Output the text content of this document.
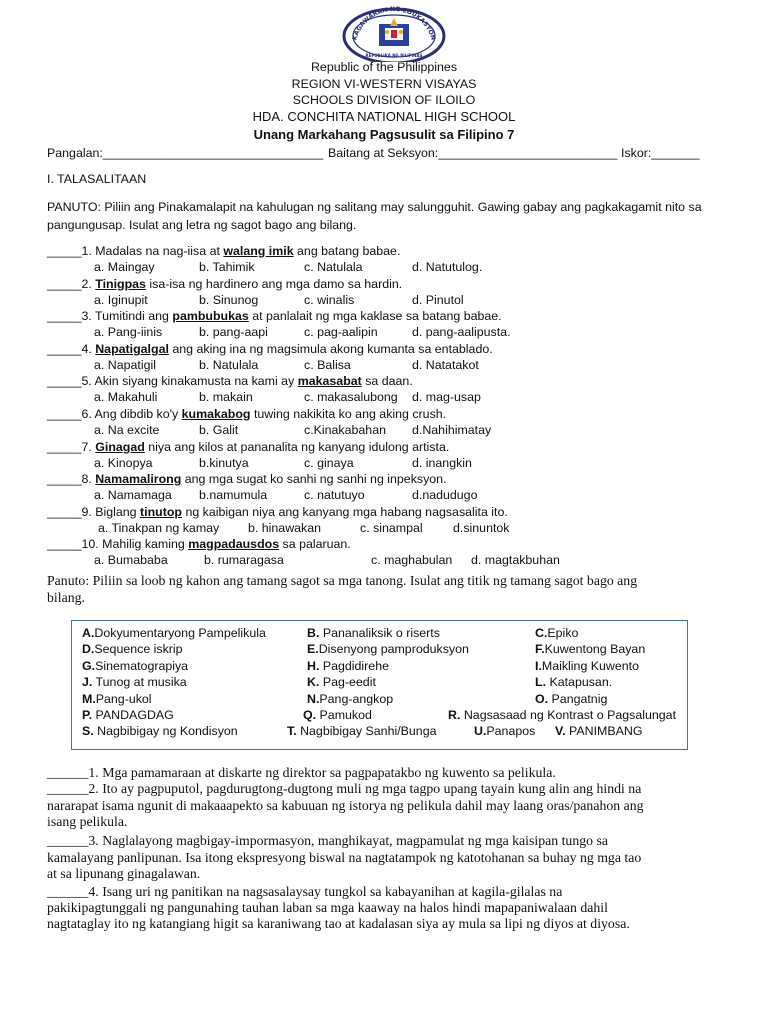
KAGAWARAN NG EDUKASYON
REPUBLIKA NG PILIPINAS
Republic of the Philippines
REGION VI-WESTERN VISAYAS
SCHOOLS DIVISION OF ILOILO
HDA. CONCHITA NATIONAL HIGH SCHOOL
Unang Markahang Pagsusulit sa Filipino 7
Pangalan:________________________________ Baitang at Seksyon:__________________________ Iskor:_______
I. TALASALITAAN
PANUTO: Piliin ang Pinakamalapit na kahulugan ng salitang may salungguhit. Gawing gabay ang pagkakagamit nito sa
pangungusap. Isulat ang letra ng sagot bago ang bilang.
_____1. Madalas na nag-iisa at walang imik ang batang babae.
a. Maingay	b. Tahimik	c. Natulala	d. Natutulog.
_____2. Tinigpas isa-isa ng hardinero ang mga damo sa hardin.
a. Iginupit	b. Sinunog	c. winalis	d. Pinutol
_____3. Tumitindi ang pambubukas at panlalait ng mga kaklase sa batang babae.
a. Pang-iinis	b. pang-aapi	c. pag-aalipin	d. pang-aalipusta.
_____4. Napatigalgal ang aking ina ng magsimula akong kumanta sa entablado.
a. Napatigil	b. Natulala	c. Balisa	d. Natatakot
_____5. Akin siyang kinakamusta na kami ay makasabat sa daan.
a. Makahuli	b. makain	c. makasalubong d. mag-usap
_____6. Ang dibdib ko'y kumakabog tuwing nakikita ko ang aking crush.
a. Na excite	b. Galit	c.Kinakabahan d.Nahihimatay
_____7. Ginagad niya ang kilos at pananalita ng kanyang idulong artista.
a. Kinopya	b.kinutya	c. ginaya	d. inangkin
_____8. Namamalirong ang mga sugat ko sanhi ng sanhi ng inpeksyon.
a. Namamaga b.namumula	c. natutuyo	d.nadudugo
_____9. Biglang tinutop ng kaibigan niya ang kanyang mga habang nagsasalita ito.
a. Tinakpan ng kamay b. hinawakan	c. sinampal d.sinuntok
_____10. Mahilig kaming magpadausdos sa palaruan.
a. Bumababa	b. rumaragasa	c. maghabulan d. magtakbuhan
Panuto: Piliin sa loob ng kahon ang tamang sagot sa mga tanong. Isulat ang titik ng tamang sagot bago ang
bilang.
A.Dokyumentaryong Pampelikula	B. Pananaliksik o riserts	C.Epiko
D.Sequence iskrip	E.Disenyong pamproduksyon	F.Kuwentong Bayan
G.Sinematograpiya	H. Pagdidirehe	I.Maikling Kuwento
J. Tunog at musika	K. Pag-eedit	L. Katapusan.
M.Pang-ukol	N.Pang-angkop	O. Pangatnig
P. PANDAGDAG	Q. Pamukod	R. Nagsasaad ng Kontrast o Pagsalungat
S. Nagbibigay ng Kondisyon	T. Nagbibigay Sanhi/Bunga	U.Panapos V. PANIMBANG
______1. Mga pamamaraan at diskarte ng direktor sa pagpapatakbo ng kuwento sa pelikula.
______2. Ito ay pagpuputol, pagdurugtong-dugtong muli ng mga tagpo upang tayain kung alin ang hindi na
nararapat isama ngunit di makaaapekto sa kabuuan ng istorya ng pelikula dahil may laang oras/panahon ang
isang pelikula.
______3. Naglalayong magbigay-impormasyon, manghikayat, magpamulat ng mga kaisipan tungo sa
kamalayang panlipunan. Isa itong ekspresyong biswal na nagtatampok ng katotohanan sa buhay ng mga tao
at sa lipunang ginagalawan.
______4. Isang uri ng panitikan na nagsasalaysay tungkol sa kabayanihan at kagila-gilalas na
pakikipagtunggali ng pangunahing tauhan laban sa mga kaaway na halos hindi mapapaniwalaan dahil
nagtataglay ito ng katangiang higit sa karaniwang tao at kadalasan siya ay mula sa lipi ng diyos at diyosa.
